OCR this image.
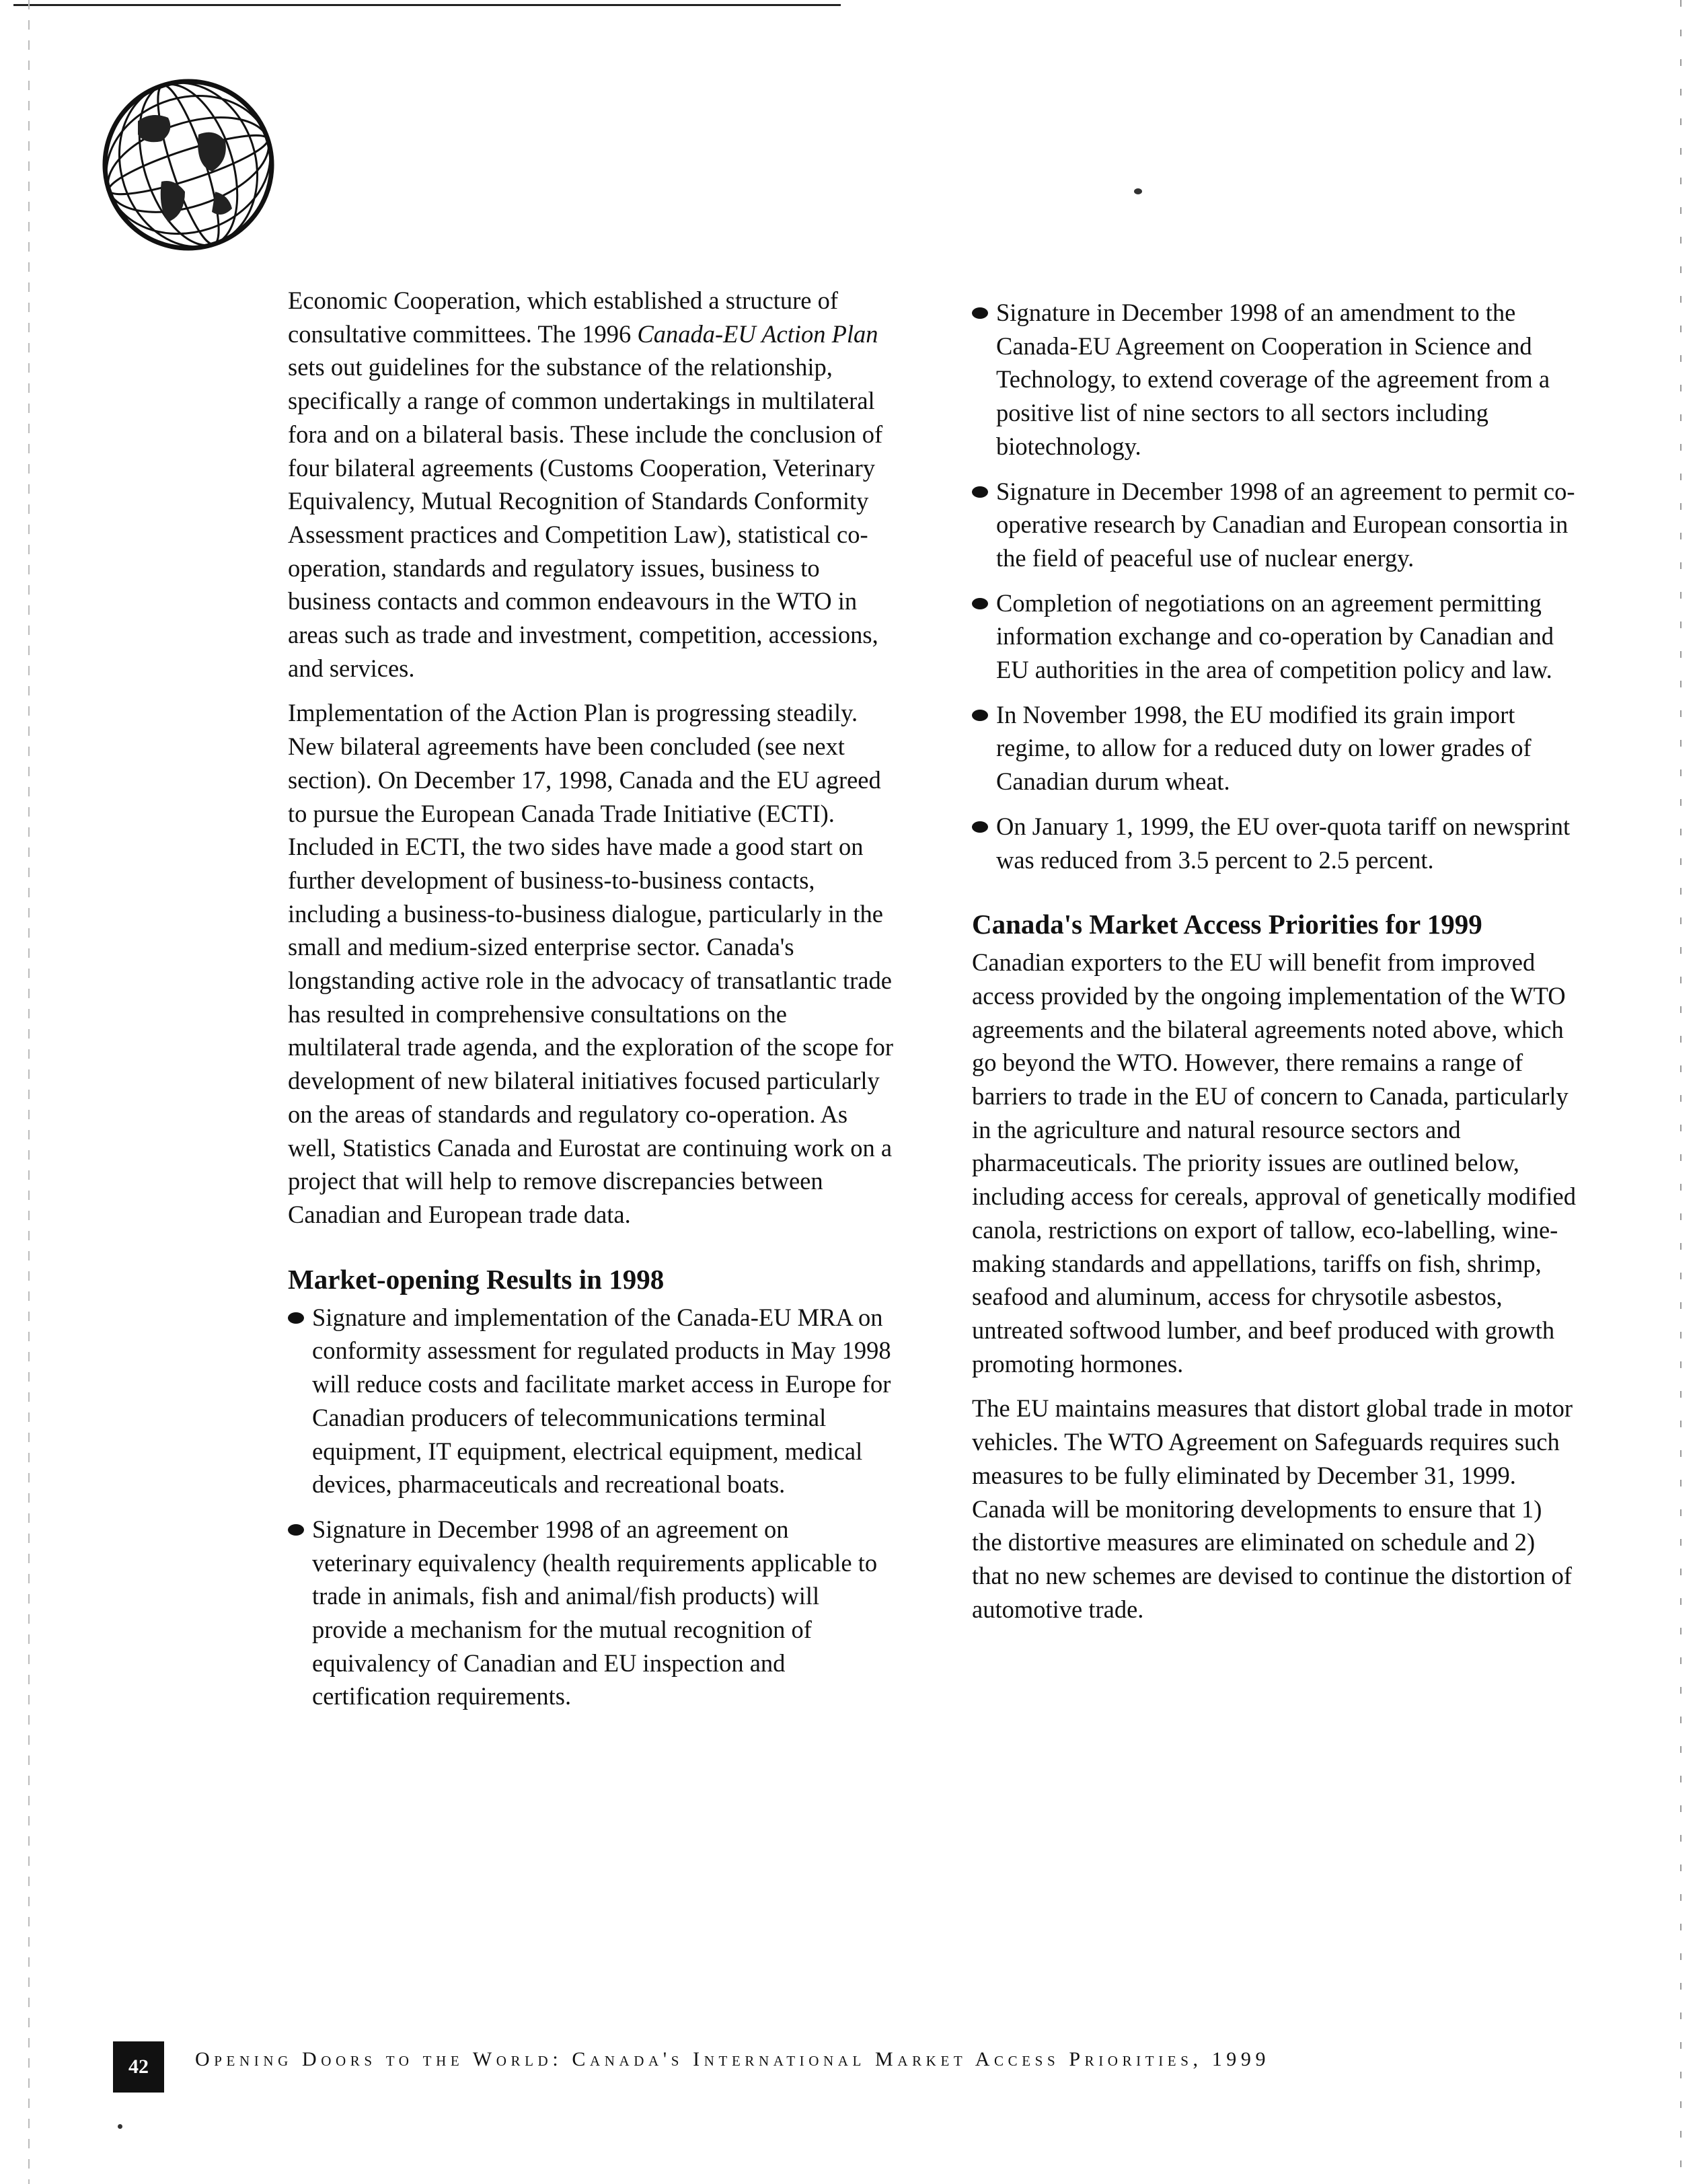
Economic Cooperation, which established a structure of consultative committees. The 1996 Canada-EU Action Plan sets out guidelines for the substance of the relationship, specifically a range of common undertakings in multilateral fora and on a bilateral basis. These include the conclusion of four bilateral agreements (Customs Cooperation, Veterinary Equivalency, Mutual Recognition of Standards Conformity Assessment practices and Competition Law), statistical co-operation, standards and regulatory issues, business to business contacts and common endeavours in the WTO in areas such as trade and investment, competition, accessions, and services.

Implementation of the Action Plan is progressing steadily. New bilateral agreements have been concluded (see next section). On December 17, 1998, Canada and the EU agreed to pursue the European Canada Trade Initiative (ECTI). Included in ECTI, the two sides have made a good start on further development of business-to-business contacts, including a business-to-business dialogue, particularly in the small and medium-sized enterprise sector. Canada's longstanding active role in the advocacy of transatlantic trade has resulted in comprehensive consultations on the multilateral trade agenda, and the exploration of the scope for development of new bilateral initiatives focused particularly on the areas of standards and regulatory co-operation. As well, Statistics Canada and Eurostat are continuing work on a project that will help to remove discrepancies between Canadian and European trade data.

Market-opening Results in 1998
Signature and implementation of the Canada-EU MRA on conformity assessment for regulated products in May 1998 will reduce costs and facilitate market access in Europe for Canadian producers of telecommunications terminal equipment, IT equipment, electrical equipment, medical devices, pharmaceuticals and recreational boats.
Signature in December 1998 of an agreement on veterinary equivalency (health requirements applicable to trade in animals, fish and animal/fish products) will provide a mechanism for the mutual recognition of equivalency of Canadian and EU inspection and certification requirements.
Signature in December 1998 of an amendment to the Canada-EU Agreement on Cooperation in Science and Technology, to extend coverage of the agreement from a positive list of nine sectors to all sectors including biotechnology.
Signature in December 1998 of an agreement to permit co-operative research by Canadian and European consortia in the field of peaceful use of nuclear energy.
Completion of negotiations on an agreement permitting information exchange and co-operation by Canadian and EU authorities in the area of competition policy and law.
In November 1998, the EU modified its grain import regime, to allow for a reduced duty on lower grades of Canadian durum wheat.
On January 1, 1999, the EU over-quota tariff on newsprint was reduced from 3.5 percent to 2.5 percent.
Canada's Market Access Priorities for 1999

Canadian exporters to the EU will benefit from improved access provided by the ongoing implementation of the WTO agreements and the bilateral agreements noted above, which go beyond the WTO. However, there remains a range of barriers to trade in the EU of concern to Canada, particularly in the agriculture and natural resource sectors and pharmaceuticals. The priority issues are outlined below, including access for cereals, approval of genetically modified canola, restrictions on export of tallow, eco-labelling, wine-making standards and appellations, tariffs on fish, shrimp, seafood and aluminum, access for chrysotile asbestos, untreated softwood lumber, and beef produced with growth promoting hormones.

The EU maintains measures that distort global trade in motor vehicles. The WTO Agreement on Safeguards requires such measures to be fully eliminated by December 31, 1999. Canada will be monitoring developments to ensure that 1) the distortive measures are eliminated on schedule and 2) that no new schemes are devised to continue the distortion of automotive trade.

42	Opening Doors to the World: Canada's International Market Access Priorities, 1999
